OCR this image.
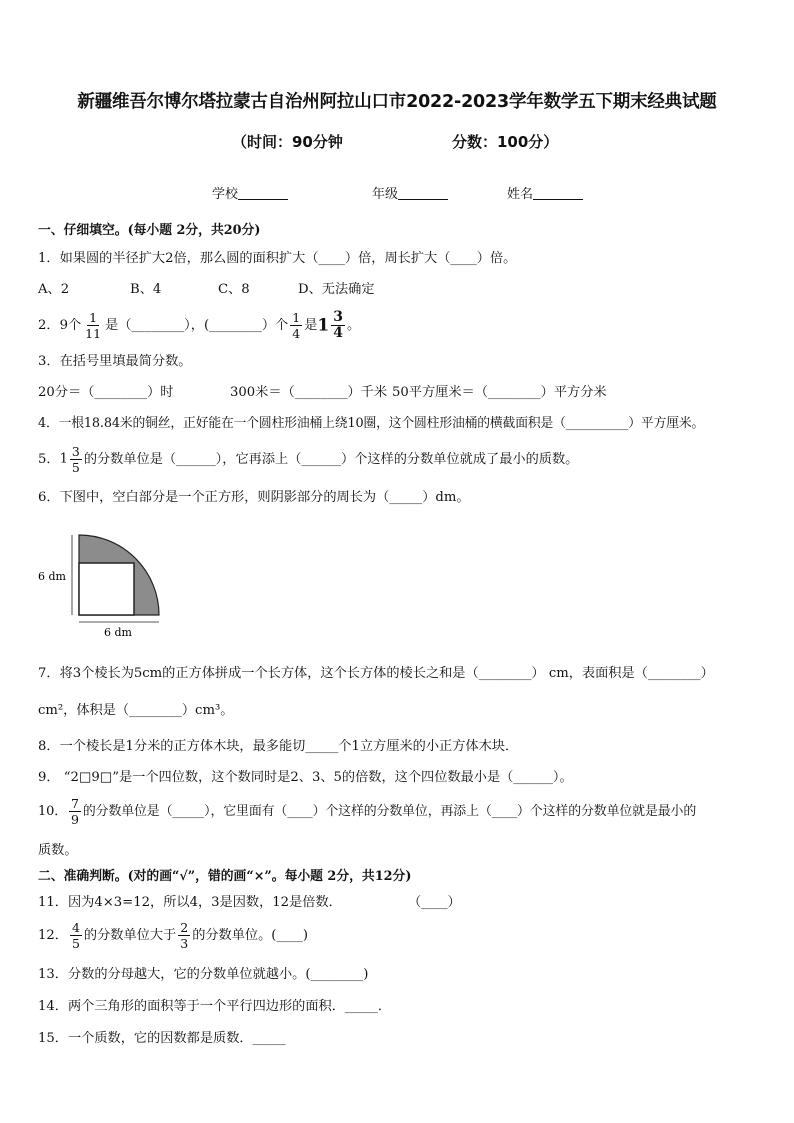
新疆维吾尔博尔塔拉蒙古自治州阿拉山口市2022-2023学年数学五下期末经典试题
（时间：90分钟	分数：100分）
学校	年级	姓名
一、仔细填空。(每小题 2分，共20分)
1．如果圆的半径扩大2倍，那么圆的面积扩大（____）倍，周长扩大（____）倍。
A、2	B、4	C、8	D、无法确定
2．9个 $\frac{1}{11}$ 是（________），(________）个 $\frac{1}{4}$ 是$1 \frac{3}{4}$ 。
3．在括号里填最简分数。
20分＝（________）时	300米＝（________）千米 50平方厘米＝（________）平方分米
4．一根18.84米的铜丝，正好能在一个圆柱形油桶上绕10圈，这个圆柱形油桶的横截面积是（__________）平方厘米。
5．$1 \frac{3}{5}$ 的分数单位是（______），它再添上（______）个这样的分数单位就成了最小的质数。
6．下图中，空白部分是一个正方形，则阴影部分的周长为（_____）dm。
6 dm
6 dm
7．将3个棱长为5cm的正方体拼成一个长方体，这个长方体的棱长之和是（________） cm，表面积是（________）
cm²，体积是（________）cm³。
8．一个棱长是1分米的正方体木块，最多能切_____个1立方厘米的小正方体木块．
9． “2□9□”是一个四位数，这个数同时是2、3、5的倍数，这个四位数最小是（______）。
10． $\frac{7}{9}$ 的分数单位是（_____），它里面有（____）个这样的分数单位，再添上（____）个这样的分数单位就是最小的
质数。
二、准确判断。(对的画“√”，错的画“×”。每小题 2分，共12分)
11．因为4×3=12，所以4，3是因数，12是倍数．	（____）
12． $\frac{4}{5}$ 的分数单位大于 $\frac{2}{3}$ 的分数单位。(____)
13．分数的分母越大，它的分数单位就越小。(________)
14．两个三角形的面积等于一个平行四边形的面积．_____．
15．一个质数，它的因数都是质数．_____
